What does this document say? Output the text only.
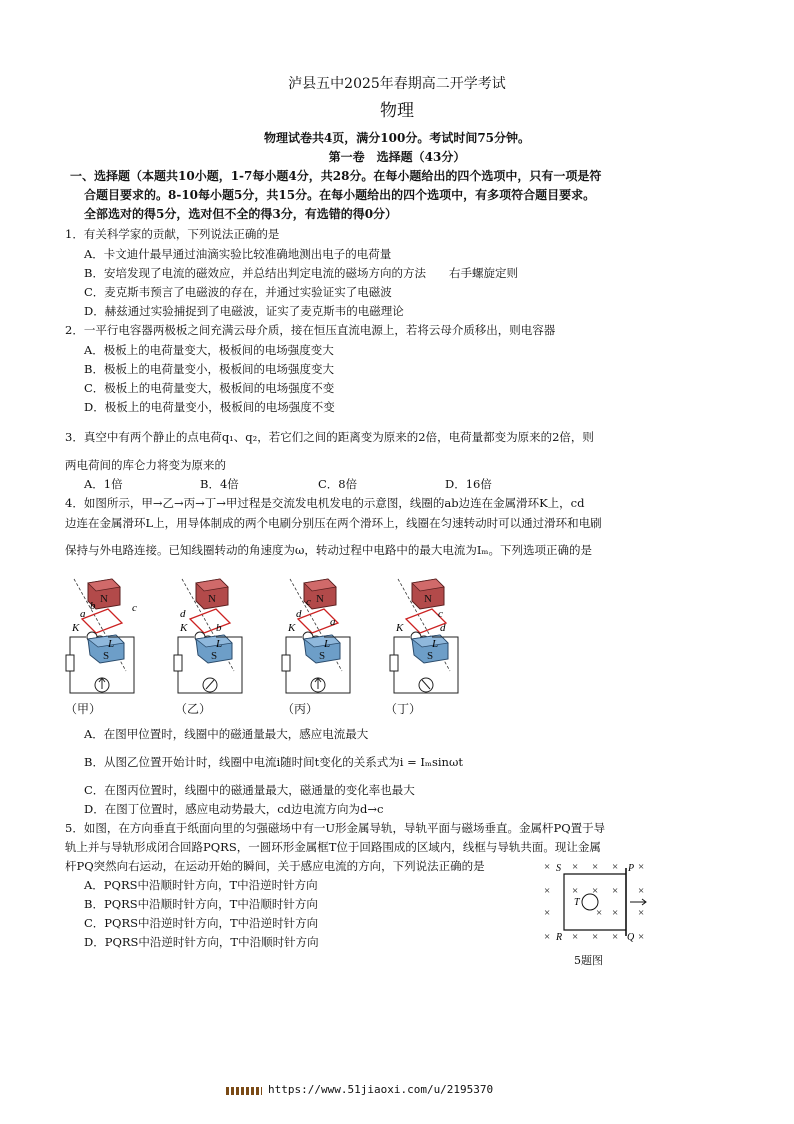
泸县五中2025年春期高二开学考试
物理
物理试卷共4页，满分100分。考试时间75分钟。
第一卷　选择题（43分）
一、选择题（本题共10小题，1-7每小题4分，共28分。在每小题给出的四个选项中，只有一项是符
合题目要求的。8-10每小题5分，共15分。在每小题给出的四个选项中，有多项符合题目要求。
全部选对的得5分，选对但不全的得3分，有选错的得0分）
1．有关科学家的贡献，下列说法正确的是
A．卡文迪什最早通过油滴实验比较准确地测出电子的电荷量
B．安培发现了电流的磁效应，并总结出判定电流的磁场方向的方法　　右手螺旋定则
C．麦克斯韦预言了电磁波的存在，并通过实验证实了电磁波
D．赫兹通过实验捕捉到了电磁波，证实了麦克斯韦的电磁理论
2．一平行电容器两极板之间充满云母介质，接在恒压直流电源上，若将云母介质移出，则电容器
A．极板上的电荷量变大，极板间的电场强度变大
B．极板上的电荷量变小，极板间的电场强度变大
C．极板上的电荷量变大，极板间的电场强度不变
D．极板上的电荷量变小，极板间的电场强度不变
3．真空中有两个静止的点电荷q₁、q₂，若它们之间的距离变为原来的2倍，电荷量都变为原来的2倍，则
两电荷间的库仑力将变为原来的
A．1倍	B．4倍	C．8倍	D．16倍
4．如图所示，甲→乙→丙→丁→甲过程是交流发电机发电的示意图，线圈的ab边连在金属滑环K上，cd
边连在金属滑环L上，用导体制成的两个电刷分别压在两个滑环上，线圈在匀速转动时可以通过滑环和电刷
保持与外电路连接。已知线圈转动的角速度为ω，转动过程中电路中的最大电流为Iₘ。下列选项正确的是
a
b	c	d
b
c
d
a
c
d
（甲）	（乙）	（丙）	（丁）
A．在图甲位置时，线圈中的磁通量最大，感应电流最大
B．从图乙位置开始计时，线圈中电流i随时间t变化的关系式为i = Iₘsinωt
C．在图丙位置时，线圈中的磁通量最大，磁通量的变化率也最大
D．在图丁位置时，感应电动势最大，cd边电流方向为d→c
5．如图，在方向垂直于纸面向里的匀强磁场中有一U形金属导轨，导轨平面与磁场垂直。金属杆PQ置于导
轨上并与导轨形成闭合回路PQRS，一圆环形金属框T位于回路围成的区域内，线框与导轨共面。现让金属
杆PQ突然向右运动，在运动开始的瞬间，关于感应电流的方向，下列说法正确的是
A．PQRS中沿顺时针方向，T中沿逆时针方向
B．PQRS中沿顺时针方向，T中沿顺时针方向
C．PQRS中沿逆时针方向，T中沿逆时针方向
D．PQRS中沿逆时针方向，T中沿顺时针方向
× × × × ×
× × × × ×
×	× × ×
× × × × ×
S	P
R	Q
T
5题图
https://www.51jiaoxi.com/u/2195370
